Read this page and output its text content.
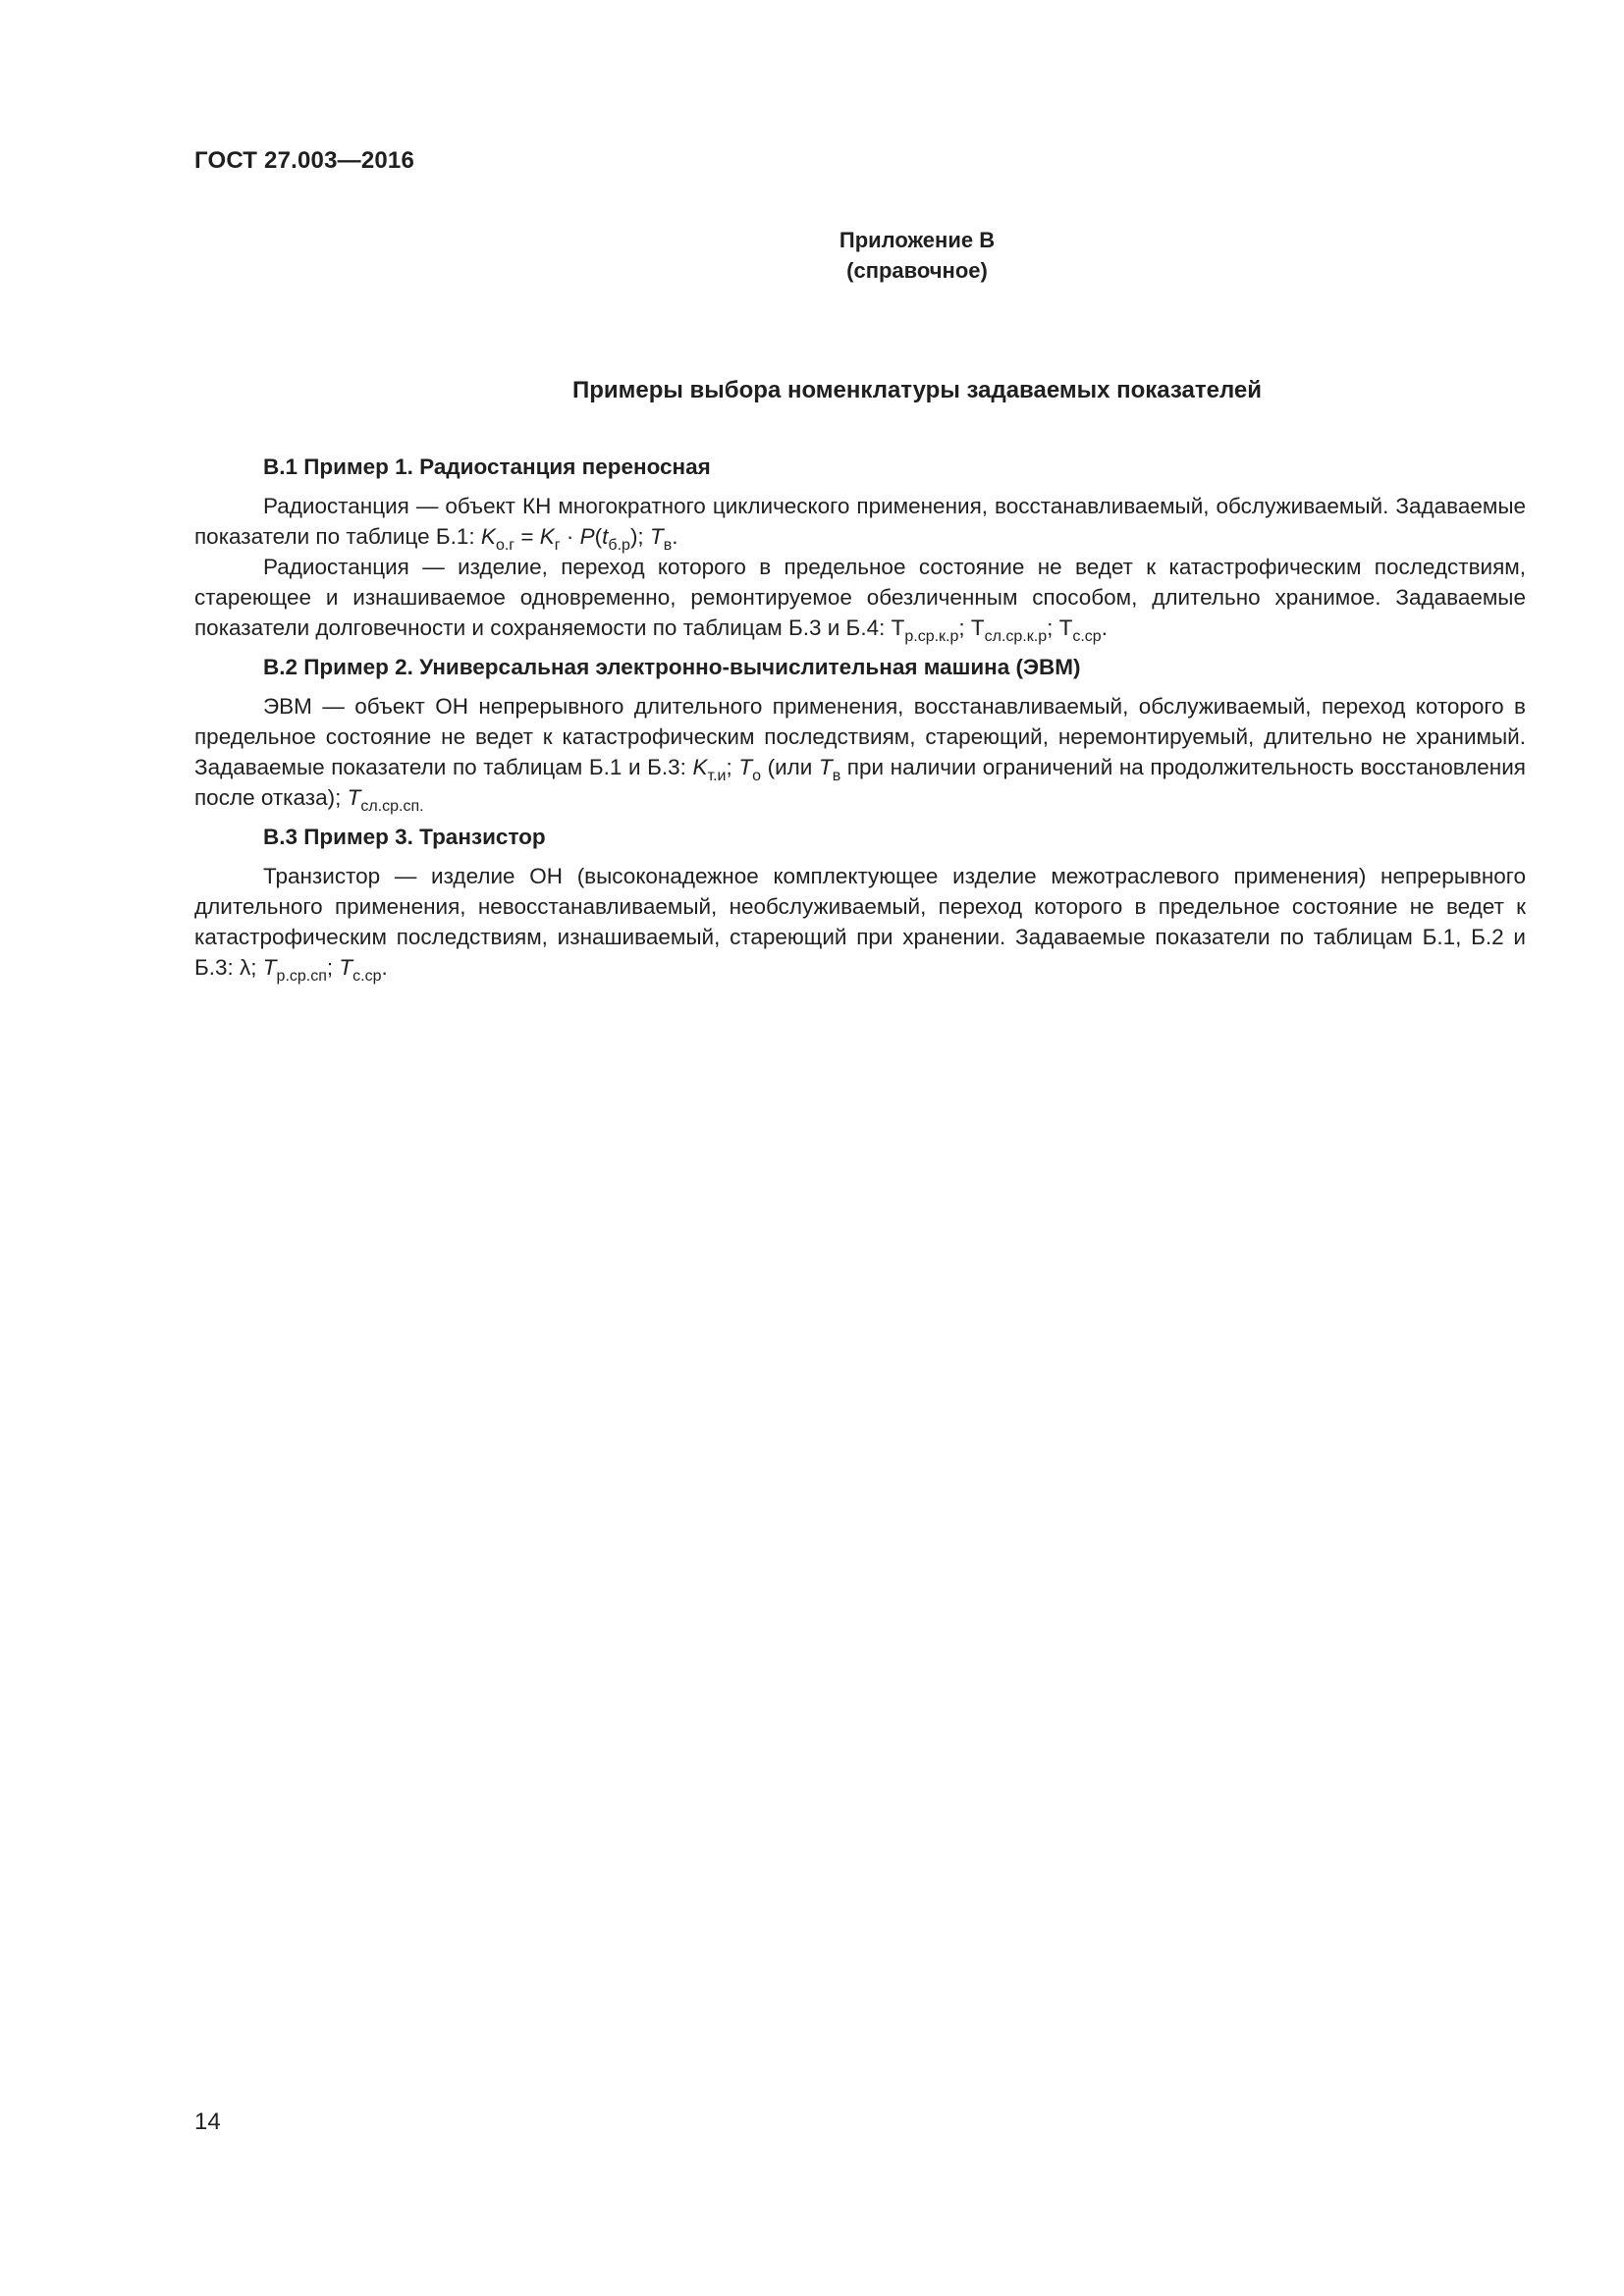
ГОСТ 27.003—2016
Приложение В
(справочное)
Примеры выбора номенклатуры задаваемых показателей
В.1 Пример 1. Радиостанция переносная

Радиостанция — объект КН многократного циклического применения, восстанавливаемый, обслуживаемый. Задаваемые показатели по таблице Б.1: $K_{о.г} = K_г \cdot P(t_{б.р})$; $T_в$.

Радиостанция — изделие, переход которого в предельное состояние не ведет к катастрофическим последствиям, стареющее и изнашиваемое одновременно, ремонтируемое обезличенным способом, длительно хранимое. Задаваемые показатели долговечности и сохраняемости по таблицам Б.3 и Б.4: $T_{р.ср.к.р}$; $T_{сл.ср.к.р}$; $T_{с.ср}$.

В.2 Пример 2. Универсальная электронно-вычислительная машина (ЭВМ)

ЭВМ — объект ОН непрерывного длительного применения, восстанавливаемый, обслуживаемый, переход которого в предельное состояние не ведет к катастрофическим последствиям, стареющий, неремонтируемый, длительно не хранимый. Задаваемые показатели по таблицам Б.1 и Б.3: $K_{т.и}$; $T_о$ (или $T_в$ при наличии ограничений на продолжительность восстановления после отказа); $T_{сл.ср.сп.}$

В.3 Пример 3. Транзистор

Транзистор — изделие ОН (высоконадежное комплектующее изделие межотраслевого применения) непрерывного длительного применения, невосстанавливаемый, необслуживаемый, переход которого в предельное состояние не ведет к катастрофическим последствиям, изнашиваемый, стареющий при хранении. Задаваемые показатели по таблицам Б.1, Б.2 и Б.3: λ; $T_{р.ср.сп}$; $T_{с.ср}$.

14
